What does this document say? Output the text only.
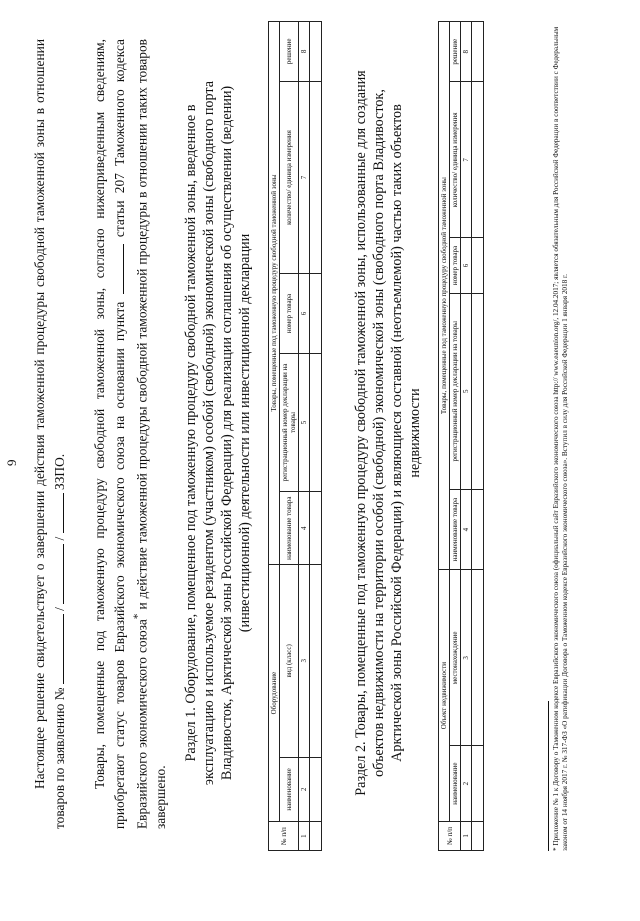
9 Настоящее решение свидетельствует о завершении действия таможенной процедуры свободной таможенной зоны в отношении товаров по заявлению №  /  /  ЗЗПО. Товары, помещенные под таможенную процедуру свободной таможенной зоны, согласно нижеприведенным сведениям, приобретают статус товаров Евразийского экономического союза на основании пункта  статьи 207 Таможенного кодекса Евразийского экономического союза* и действие таможенной процедуры свободной таможенной процедуры в отношении таких товаров завершено.
Раздел 1. Оборудование, помещенное под таможенную процедуру свободной таможенной зоны, введенное в эксплуатацию и используемое резидентом (участником) особой (свободной) экономической зоны (свободного порта Владивосток, Арктической зоны Российской Федерации) для реализации соглашения об осуществлении (ведении) (инвестиционной) деятельности или инвестиционной декларации
№ п/п	Оборудование		Товары, помещенные под таможенную процедуру свободной таможенной зоны				
	наименование	вид (класс)	наименование товара	регистрационный номер декларации на товары	номер товара	количество/ единица измерения	решение
1	2	3	4	5	6	7	8

Раздел 2. Товары, помещенные под таможенную процедуру свободной таможенной зоны, использованные для создания объектов недвижимости на территории особой (свободной) экономической зоны (свободного порта Владивосток, Арктической зоны Российской Федерации) и являющиеся составной (неотъемлемой) частью таких объектов недвижимости
№ п/п	Объект недвижимости		Товары, помещенные под таможенную процедуру свободной таможенной зоны				
	наименование	местонахождение	наименование товара	регистрационный номер декларации на товары	номер товара	количество/ единица измерения	решение
1	2	3	4	5	6	7	8
								* Приложение № 1 к Договору о Таможенном кодексе Евразийского экономического союза (официальный сайт Евразийского экономического союза http:// www.eaeunion.org/, 12.04.2017; является обязательным для Российской Федерации в соответствии с Федеральным законом от 14 ноября 2017 г. № 317-ФЗ «О ратификации Договора о Таможенном кодексе Евразийского экономического союза». Вступил в силу для Российской Федерации 1 января 2018 г.
